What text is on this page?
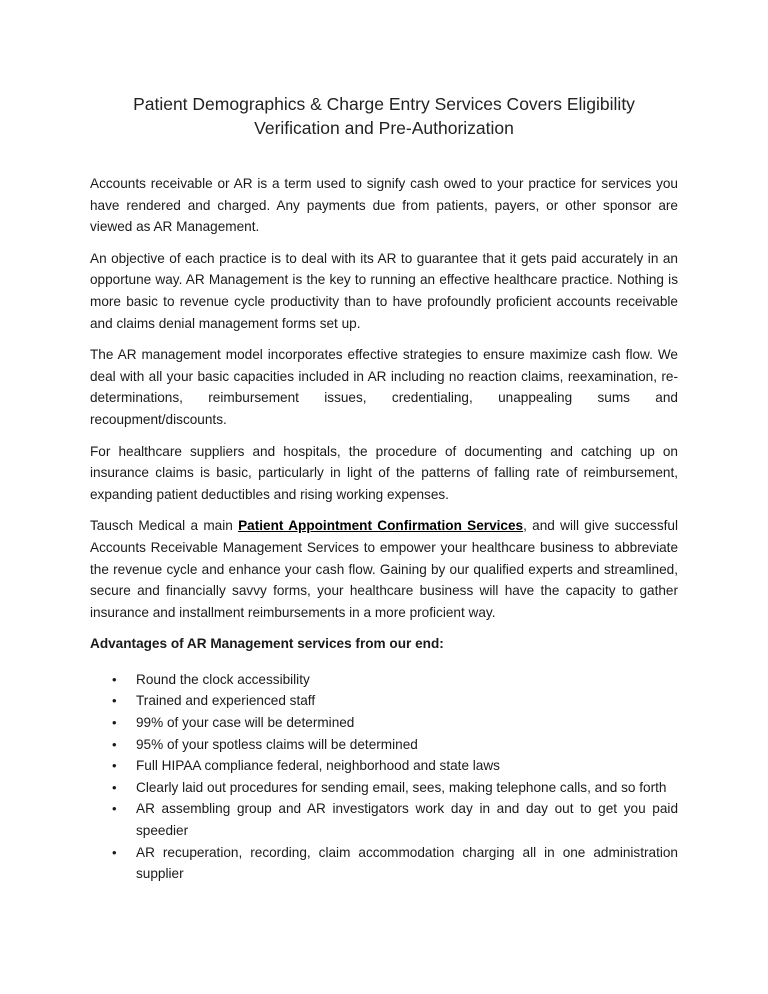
Patient Demographics & Charge Entry Services Covers Eligibility
Verification and Pre-Authorization

Accounts receivable or AR is a term used to signify cash owed to your practice for services you have rendered and charged. Any payments due from patients, payers, or other sponsor are viewed as AR Management.

An objective of each practice is to deal with its AR to guarantee that it gets paid accurately in an opportune way. AR Management is the key to running an effective healthcare practice. Nothing is more basic to revenue cycle productivity than to have profoundly proficient accounts receivable and claims denial management forms set up.

The AR management model incorporates effective strategies to ensure maximize cash flow. We deal with all your basic capacities included in AR including no reaction claims, reexamination, re-determinations, reimbursement issues, credentialing, unappealing sums and recoupment/discounts.

For healthcare suppliers and hospitals, the procedure of documenting and catching up on insurance claims is basic, particularly in light of the patterns of falling rate of reimbursement, expanding patient deductibles and rising working expenses.

Tausch Medical a main Patient Appointment Confirmation Services, and will give successful Accounts Receivable Management Services to empower your healthcare business to abbreviate the revenue cycle and enhance your cash flow. Gaining by our qualified experts and streamlined, secure and financially savvy forms, your healthcare business will have the capacity to gather insurance and installment reimbursements in a more proficient way.

Advantages of AR Management services from our end:
•	Round the clock accessibility
•	Trained and experienced staff
•	99% of your case will be determined
•	95% of your spotless claims will be determined
•	Full HIPAA compliance federal, neighborhood and state laws
•	Clearly laid out procedures for sending email, sees, making telephone calls, and so forth
•	AR assembling group and AR investigators work day in and day out to get you paid speedier
•	AR recuperation, recording, claim accommodation charging all in one administration supplier
